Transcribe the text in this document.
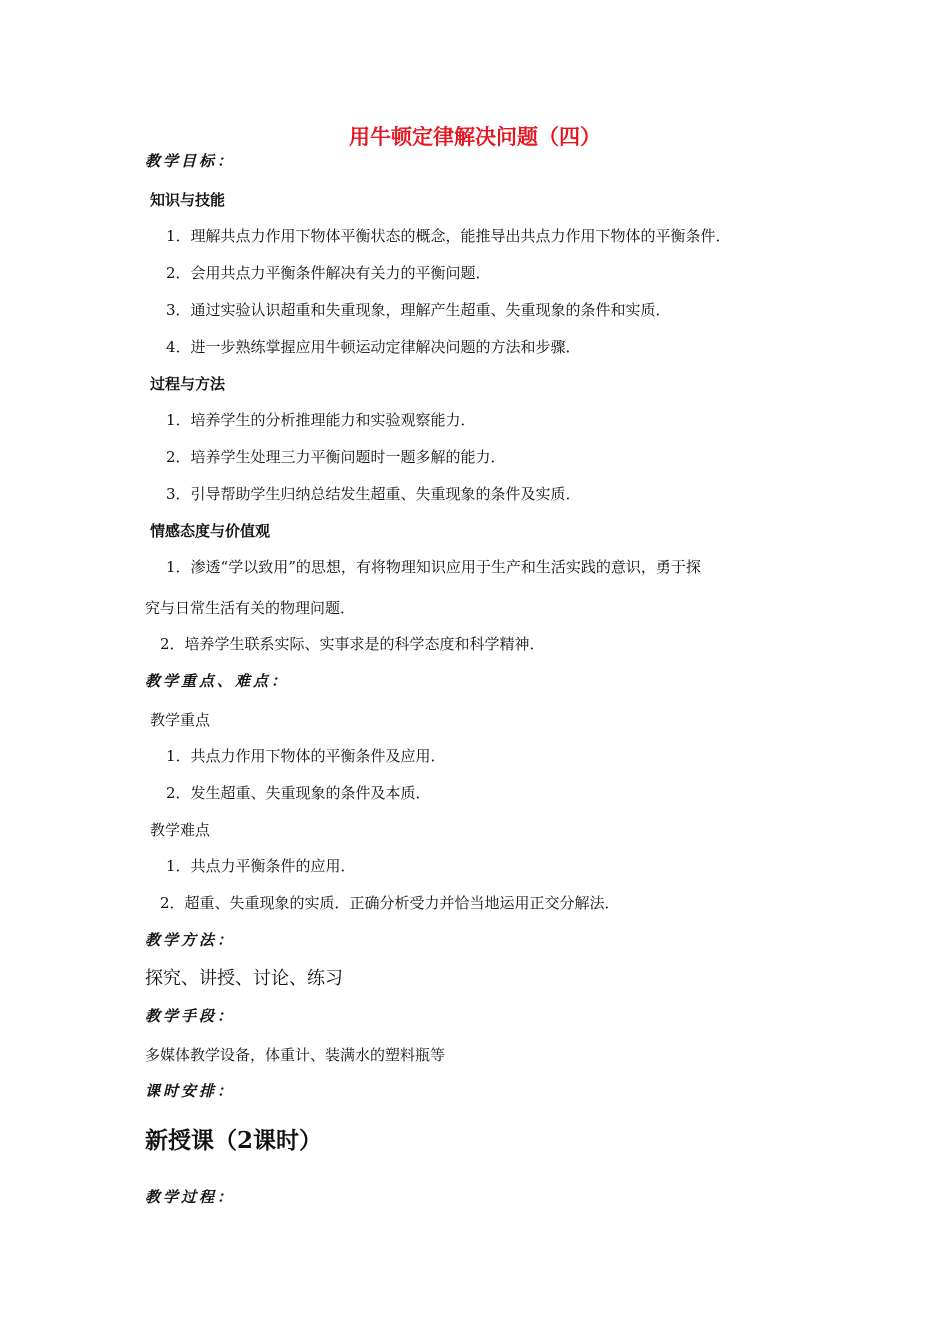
用牛顿定律解决问题（四）
教学目标：
知识与技能
1．理解共点力作用下物体平衡状态的概念，能推导出共点力作用下物体的平衡条件．
2．会用共点力平衡条件解决有关力的平衡问题．
3．通过实验认识超重和失重现象，理解产生超重、失重现象的条件和实质．
4．进一步熟练掌握应用牛顿运动定律解决问题的方法和步骤．
过程与方法
1．培养学生的分析推理能力和实验观察能力．
2．培养学生处理三力平衡问题时一题多解的能力．
3．引导帮助学生归纳总结发生超重、失重现象的条件及实质．
情感态度与价值观
1．渗透“学以致用”的思想，有将物理知识应用于生产和生活实践的意识，勇于探
究与日常生活有关的物理问题．
2．培养学生联系实际、实事求是的科学态度和科学精神．
教学重点、难点：
教学重点
1．共点力作用下物体的平衡条件及应用．
2．发生超重、失重现象的条件及本质．
教学难点
1．共点力平衡条件的应用．
2．超重、失重现象的实质．正确分析受力并恰当地运用正交分解法．
教学方法：
探究、讲授、讨论、练习
教学手段：
多媒体教学设备，体重计、装满水的塑料瓶等
课时安排：
新授课（2课时）
教学过程：
